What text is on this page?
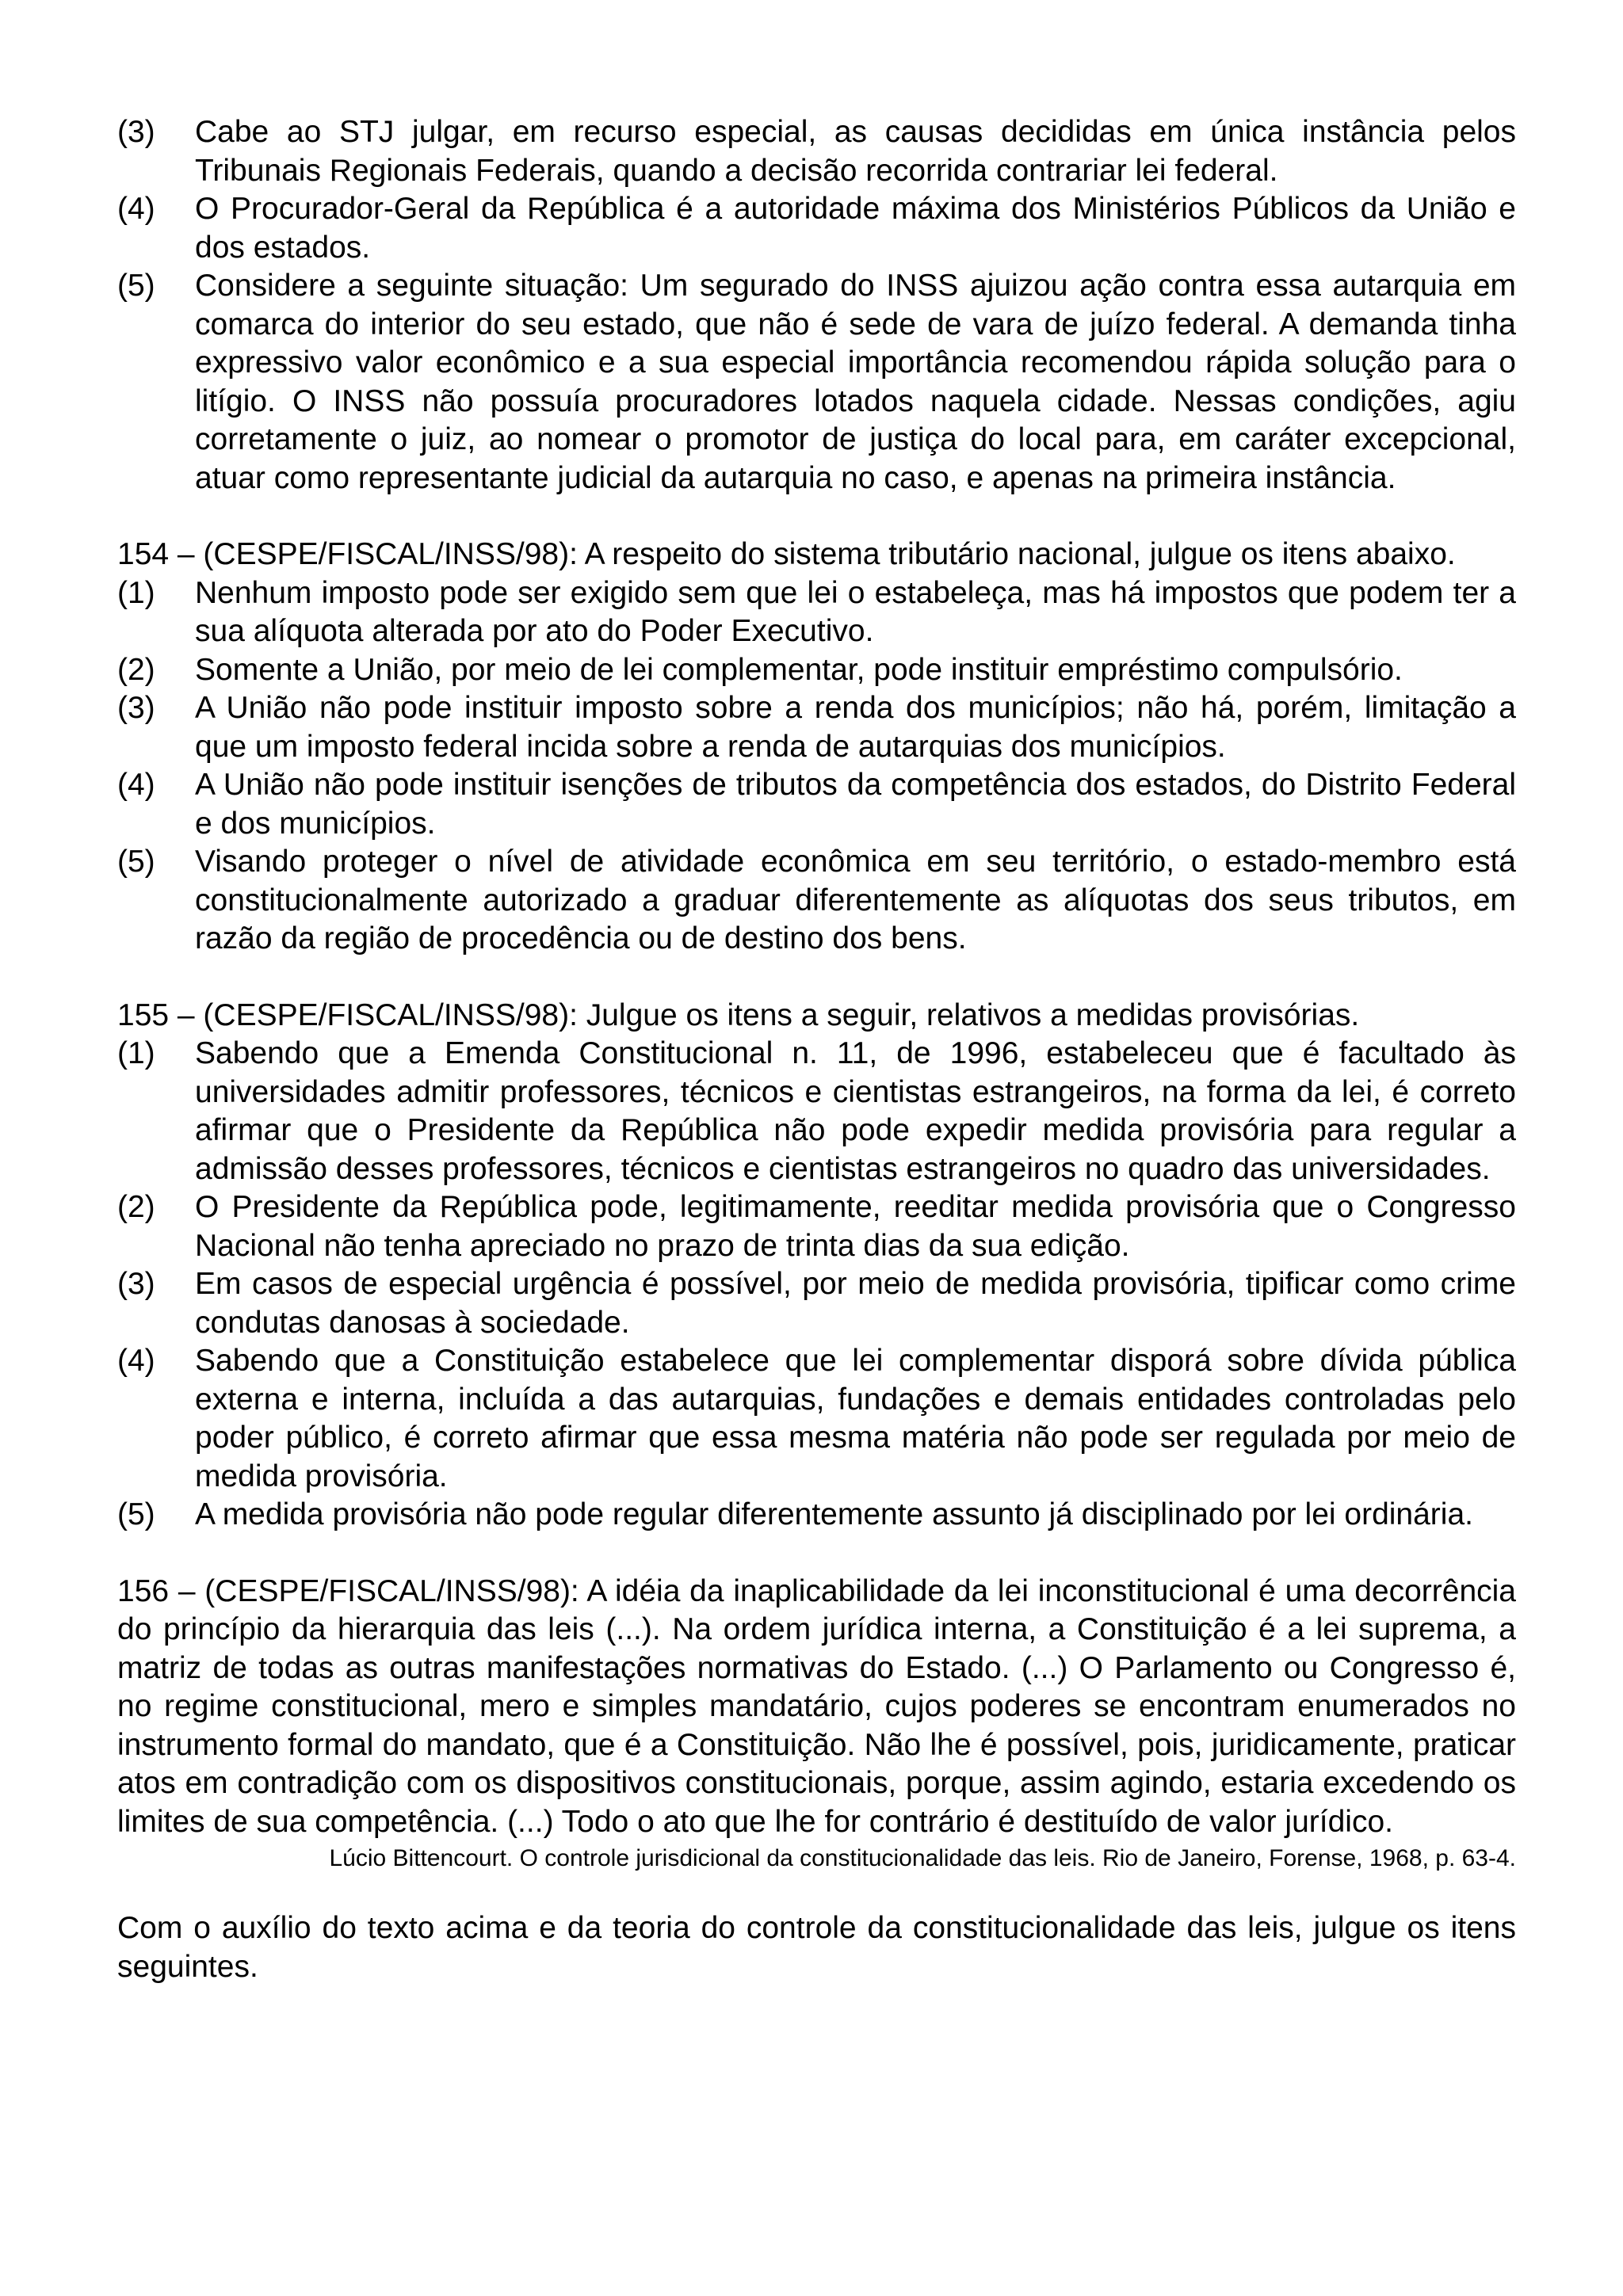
(3)	Cabe ao STJ julgar, em recurso especial, as causas decididas em única instância pelos Tribunais Regionais Federais, quando a decisão recorrida contrariar lei federal.
(4)	O Procurador-Geral da República é a autoridade máxima dos Ministérios Públicos da União e dos estados.
(5)	Considere a seguinte situação: Um segurado do INSS ajuizou ação contra essa autarquia em comarca do interior do seu estado, que não é sede de vara de juízo federal. A demanda tinha expressivo valor econômico e a sua especial importância recomendou rápida solução para o litígio. O INSS não possuía procuradores lotados naquela cidade. Nessas condições, agiu corretamente o juiz, ao nomear o promotor de justiça do local para, em caráter excepcional, atuar como representante judicial da autarquia no caso, e apenas na primeira instância.
154 – (CESPE/FISCAL/INSS/98): A respeito do sistema tributário nacional, julgue os itens abaixo.
(1)	Nenhum imposto pode ser exigido sem que lei o estabeleça, mas há impostos que podem ter a sua alíquota alterada por ato do Poder Executivo.
(2)	Somente a União, por meio de lei complementar, pode instituir empréstimo compulsório.
(3)	A União não pode instituir imposto sobre a renda dos municípios; não há, porém, limitação a que um imposto federal incida sobre a renda de autarquias dos municípios.
(4)	A União não pode instituir isenções de tributos da competência dos estados, do Distrito Federal e dos municípios.
(5)	Visando proteger o nível de atividade econômica em seu território, o estado-membro está constitucionalmente autorizado a graduar diferentemente as alíquotas dos seus tributos, em razão da região de procedência ou de destino dos bens.
155 – (CESPE/FISCAL/INSS/98): Julgue os itens a seguir, relativos a medidas provisórias.
(1)	Sabendo que a Emenda Constitucional n. 11, de 1996, estabeleceu que é facultado às universidades admitir professores, técnicos e cientistas estrangeiros, na forma da lei, é correto afirmar que o Presidente da República não pode expedir medida provisória para regular a admissão desses professores, técnicos e cientistas estrangeiros no quadro das universidades.
(2)	O Presidente da República pode, legitimamente, reeditar medida provisória que o Congresso Nacional não tenha apreciado no prazo de trinta dias da sua edição.
(3)	Em casos de especial urgência é possível, por meio de medida provisória, tipificar como crime condutas danosas à sociedade.
(4)	Sabendo que a Constituição estabelece que lei complementar disporá sobre dívida pública externa e interna, incluída a das autarquias, fundações e demais entidades controladas pelo poder público, é correto afirmar que essa mesma matéria não pode ser regulada por meio de medida provisória.
(5)	A medida provisória não pode regular diferentemente assunto já disciplinado por lei ordinária.
156 – (CESPE/FISCAL/INSS/98): A idéia da inaplicabilidade da lei inconstitucional é uma decorrência do princípio da hierarquia das leis (...). Na ordem jurídica interna, a Constituição é a lei suprema, a matriz de todas as outras manifestações normativas do Estado. (...) O Parlamento ou Congresso é, no regime constitucional, mero e simples mandatário, cujos poderes se encontram enumerados no instrumento formal do mandato, que é a Constituição. Não lhe é possível, pois, juridicamente, praticar atos em contradição com os dispositivos constitucionais, porque, assim agindo, estaria excedendo os limites de sua competência. (...) Todo o ato que lhe for contrário é destituído de valor jurídico.
Lúcio Bittencourt. O controle jurisdicional da constitucionalidade das leis. Rio de Janeiro, Forense, 1968, p. 63-4.
Com o auxílio do texto acima e da teoria do controle da constitucionalidade das leis, julgue os itens seguintes.
